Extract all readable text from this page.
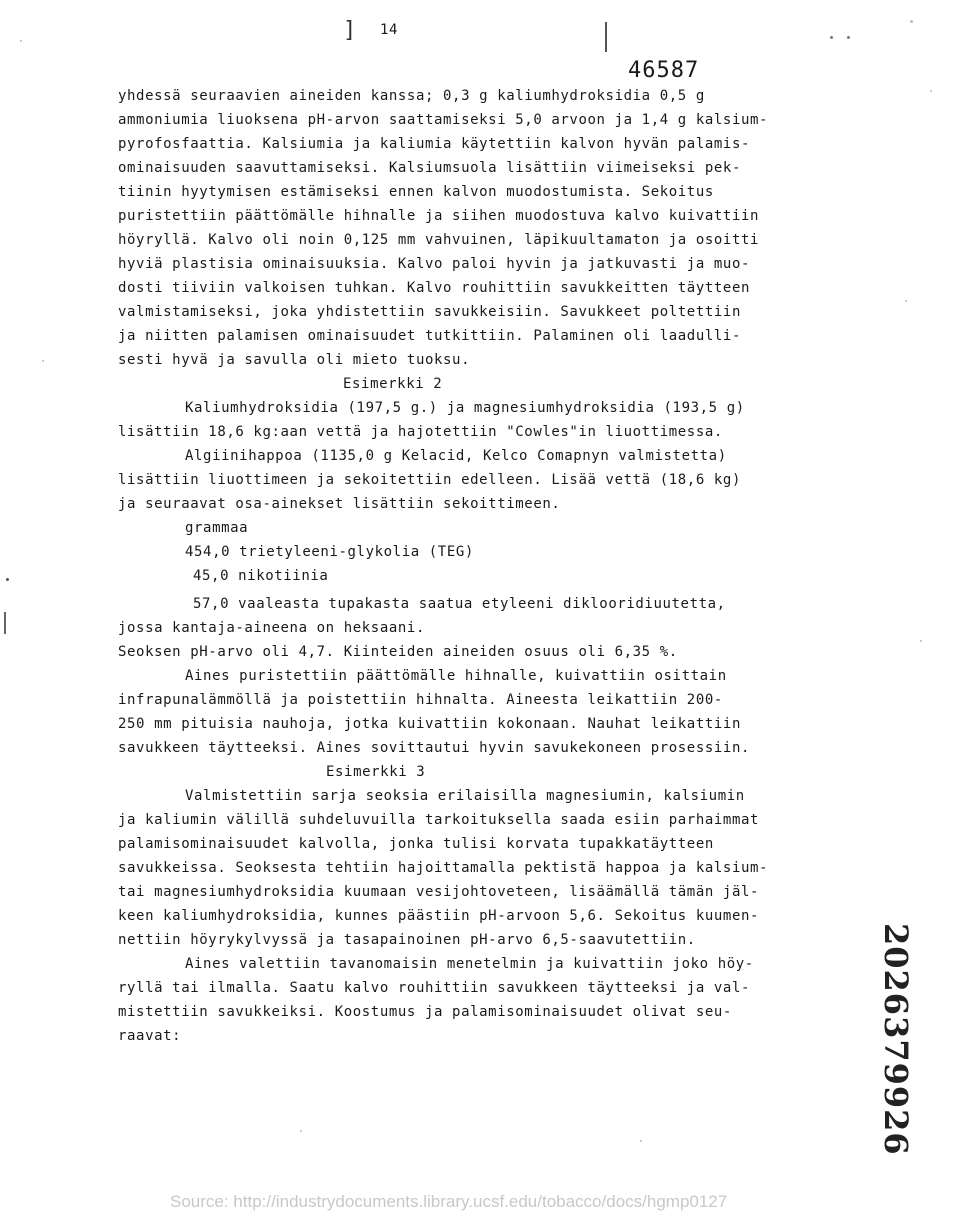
] 14
46587
yhdessä seuraavien aineiden kanssa; 0,3 g kaliumhydroksidia 0,5 g
ammoniumia liuoksena pH-arvon saattamiseksi 5,0 arvoon ja 1,4 g kalsium-
pyrofosfaattia. Kalsiumia ja kaliumia käytettiin kalvon hyvän palamis-
ominaisuuden saavuttamiseksi. Kalsiumsuola lisättiin viimeiseksi pek-
tiinin hyytymisen estämiseksi ennen kalvon muodostumista. Sekoitus
puristettiin päättömälle hihnalle ja siihen muodostuva kalvo kuivattiin
höyryllä. Kalvo oli noin 0,125 mm vahvuinen, läpikuultamaton ja osoitti
hyviä plastisia ominaisuuksia. Kalvo paloi hyvin ja jatkuvasti ja muo-
dosti tiiviin valkoisen tuhkan. Kalvo rouhittiin savukkeitten täytteen
valmistamiseksi, joka yhdistettiin savukkeisiin. Savukkeet poltettiin
ja niitten palamisen ominaisuudet tutkittiin. Palaminen oli laadulli-
sesti hyvä ja savulla oli mieto tuoksu.
Esimerkki 2
Kaliumhydroksidia (197,5 g.) ja magnesiumhydroksidia (193,5 g)
lisättiin 18,6 kg:aan vettä ja hajotettiin "Cowles"in liuottimessa.
Algiinihappoa (1135,0 g Kelacid, Kelco Comapnyn valmistetta)
lisättiin liuottimeen ja sekoitettiin edelleen. Lisää vettä (18,6 kg)
ja seuraavat osa-ainekset lisättiin sekoittimeen.
grammaa
454,0 trietyleeni-glykolia (TEG)
45,0 nikotiinia
57,0 vaaleasta tupakasta saatua etyleeni diklooridiuutetta,
jossa kantaja-aineena on heksaani.
Seoksen pH-arvo oli 4,7. Kiinteiden aineiden osuus oli 6,35 %.
Aines puristettiin päättömälle hihnalle, kuivattiin osittain
infrapunalämmöllä ja poistettiin hihnalta. Aineesta leikattiin 200-
250 mm pituisia nauhoja, jotka kuivattiin kokonaan. Nauhat leikattiin
savukkeen täytteeksi. Aines sovittautui hyvin savukekoneen prosessiin.
Esimerkki 3
Valmistettiin sarja seoksia erilaisilla magnesiumin, kalsiumin
ja kaliumin välillä suhdeluvuilla tarkoituksella saada esiin parhaimmat
palamisominaisuudet kalvolla, jonka tulisi korvata tupakkatäytteen
savukkeissa. Seoksesta tehtiin hajoittamalla pektistä happoa ja kalsium-
tai magnesiumhydroksidia kuumaan vesijohtoveteen, lisäämällä tämän jäl-
keen kaliumhydroksidia, kunnes päästiin pH-arvoon 5,6. Sekoitus kuumen-
nettiin höyrykylvyssä ja tasapainoinen pH-arvo 6,5-saavutettiin.
Aines valettiin tavanomaisin menetelmin ja kuivattiin joko höy-
ryllä tai ilmalla. Saatu kalvo rouhittiin savukkeen täytteeksi ja val-
mistettiin savukkeiksi. Koostumus ja palamisominaisuudet olivat seu-
raavat:	2026379926
Source: http://industrydocuments.library.ucsf.edu/tobacco/docs/hgmp0127
